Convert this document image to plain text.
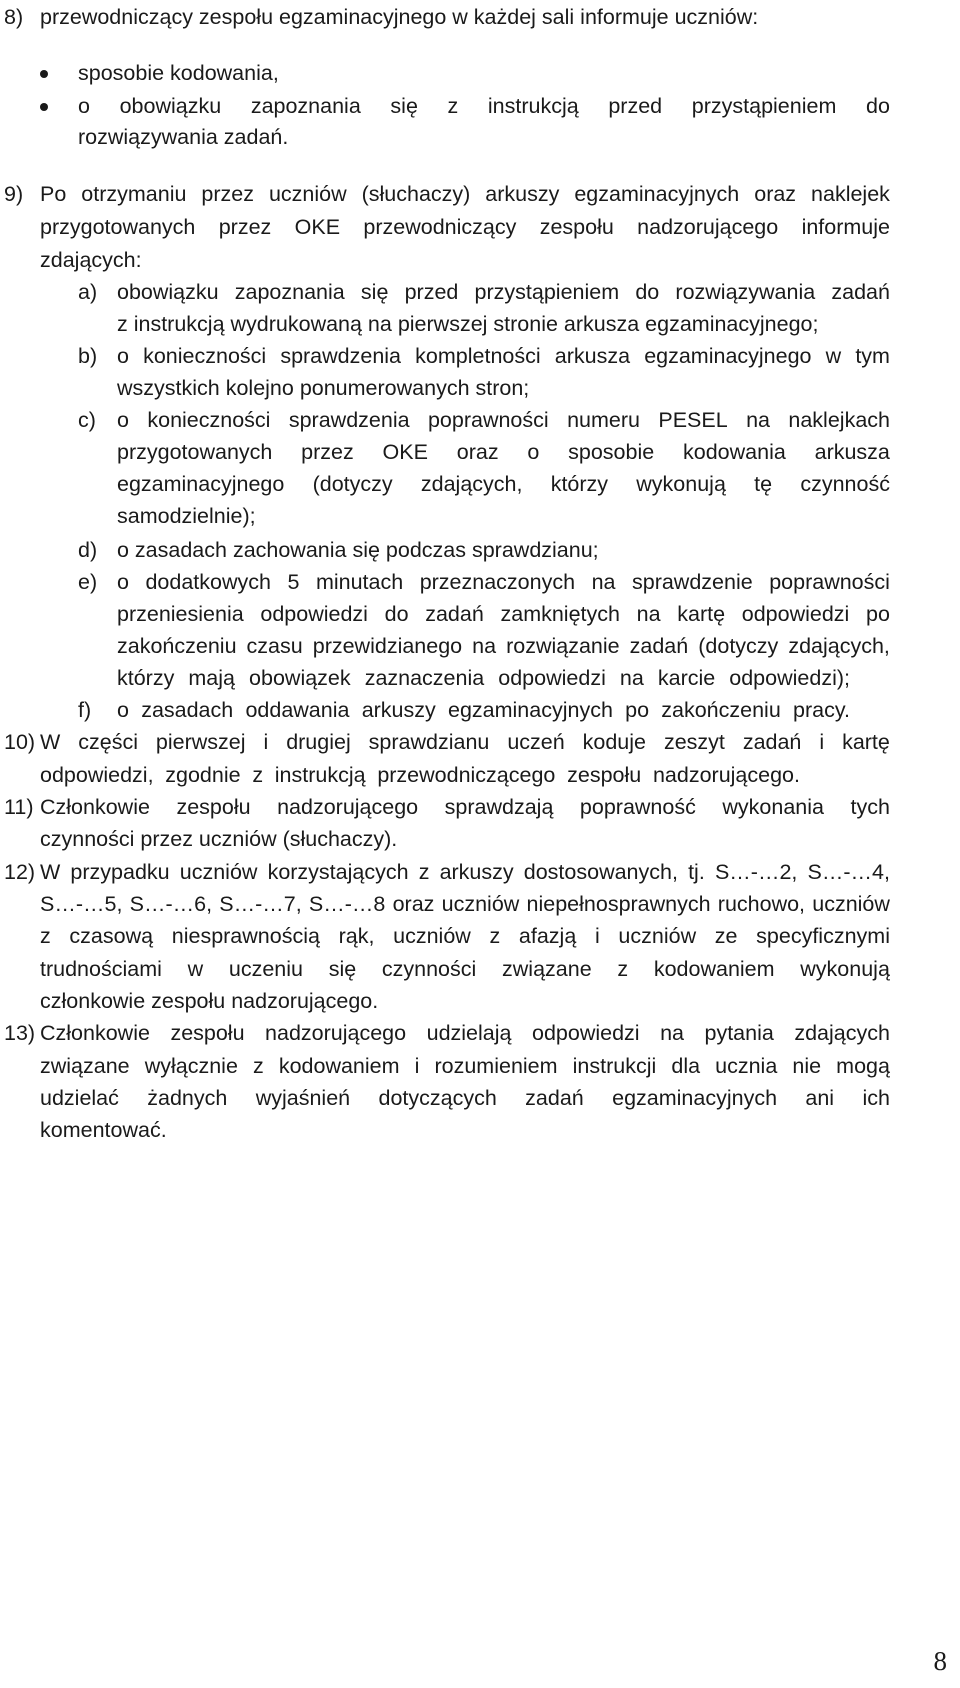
8) przewodniczący zespołu egzaminacyjnego w każdej sali informuje uczniów:
sposobie kodowania,
o obowiązku zapoznania się z instrukcją przed przystąpieniem do
rozwiązywania zadań.
9) Po otrzymaniu przez uczniów (słuchaczy) arkuszy egzaminacyjnych oraz naklejek
przygotowanych przez OKE przewodniczący zespołu nadzorującego informuje
zdających:
a) obowiązku zapoznania się przed przystąpieniem do rozwiązywania zadań
z instrukcją wydrukowaną na pierwszej stronie arkusza egzaminacyjnego;
b) o konieczności sprawdzenia kompletności arkusza egzaminacyjnego w tym
wszystkich kolejno ponumerowanych stron;
c) o konieczności sprawdzenia poprawności numeru PESEL na naklejkach
przygotowanych przez OKE oraz o sposobie kodowania arkusza
egzaminacyjnego (dotyczy zdających, którzy wykonują tę czynność
samodzielnie);
d) o zasadach zachowania się podczas sprawdzianu;
e) o dodatkowych 5 minutach przeznaczonych na sprawdzenie poprawności
przeniesienia odpowiedzi do zadań zamkniętych na kartę odpowiedzi po
zakończeniu czasu przewidzianego na rozwiązanie zadań (dotyczy zdających,
którzy mają obowiązek zaznaczenia odpowiedzi na karcie odpowiedzi);
f) o zasadach oddawania arkuszy egzaminacyjnych po zakończeniu pracy.
10) W części pierwszej i drugiej sprawdzianu uczeń koduje zeszyt zadań i kartę
odpowiedzi, zgodnie z instrukcją przewodniczącego zespołu nadzorującego.
11) Członkowie zespołu nadzorującego sprawdzają poprawność wykonania tych
czynności przez uczniów (słuchaczy).
12) W przypadku uczniów korzystających z arkuszy dostosowanych, tj. S…-…2, S…-…4,
S…-…5, S…-…6, S…-…7, S…-…8 oraz uczniów niepełnosprawnych ruchowo, uczniów
z czasową niesprawnością rąk, uczniów z afazją i uczniów ze specyficznymi
trudnościami w uczeniu się czynności związane z kodowaniem wykonują
członkowie zespołu nadzorującego.
13) Członkowie zespołu nadzorującego udzielają odpowiedzi na pytania zdających
związane wyłącznie z kodowaniem i rozumieniem instrukcji dla ucznia nie mogą
udzielać żadnych wyjaśnień dotyczących zadań egzaminacyjnych ani ich
komentować.
8
